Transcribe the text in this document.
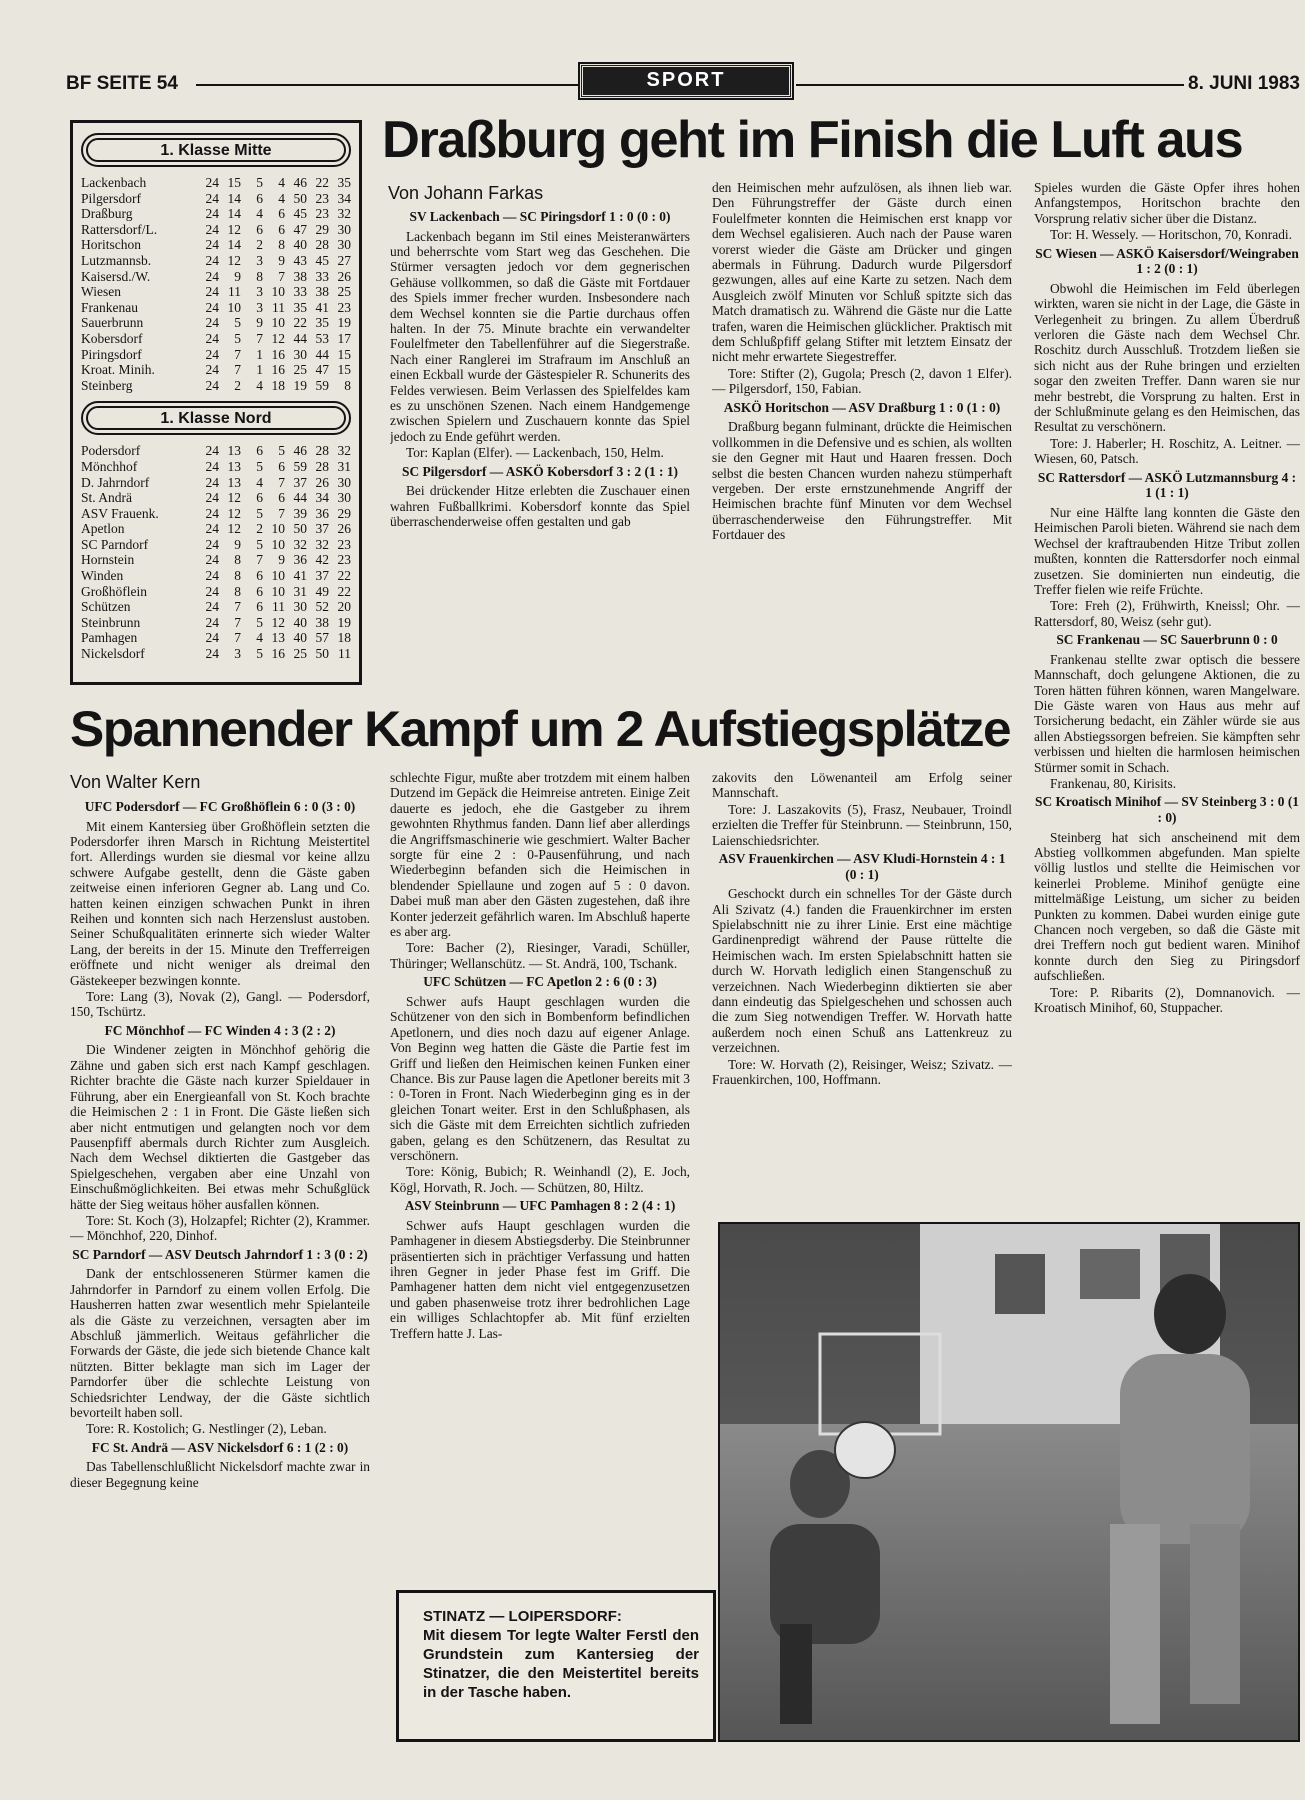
BF SEITE 54	SPORT	8. JUNI 1983
1. Klasse Mitte
Lackenbach	24	15	5	4	46	22	35
Pilgersdorf	24	14	6	4	50	23	34
Draßburg	24	14	4	6	45	23	32
Rattersdorf/L.	24	12	6	6	47	29	30
Horitschon	24	14	2	8	40	28	30
Lutzmannsb.	24	12	3	9	43	45	27
Kaisersd./W.	24	9	8	7	38	33	26
Wiesen	24	11	3	10	33	38	25
Frankenau	24	10	3	11	35	41	23
Sauerbrunn	24	5	9	10	22	35	19
Kobersdorf	24	5	7	12	44	53	17
Piringsdorf	24	7	1	16	30	44	15
Kroat. Minih.	24	7	1	16	25	47	15
Steinberg	24	2	4	18	19	59	8
1. Klasse Nord
Podersdorf	24	13	6	5	46	28	32
Mönchhof	24	13	5	6	59	28	31
D. Jahrndorf	24	13	4	7	37	26	30
St. Andrä	24	12	6	6	44	34	30
ASV Frauenk.	24	12	5	7	39	36	29
Apetlon	24	12	2	10	50	37	26
SC Parndorf	24	9	5	10	32	32	23
Hornstein	24	8	7	9	36	42	23
Winden	24	8	6	10	41	37	22
Großhöflein	24	8	6	10	31	49	22
Schützen	24	7	6	11	30	52	20
Steinbrunn	24	7	5	12	40	38	19
Pamhagen	24	7	4	13	40	57	18
Nickelsdorf	24	3	5	16	25	50	11
Draßburg geht im Finish die Luft aus
Von Johann Farkas
SV Lackenbach — SC Piringsdorf 1 : 0 (0 : 0)

Lackenbach begann im Stil eines Meisteranwärters und beherrschte vom Start weg das Geschehen. Die Stürmer versagten jedoch vor dem gegnerischen Gehäuse vollkommen, so daß die Gäste mit Fortdauer des Spiels immer frecher wurden. Insbesondere nach dem Wechsel konnten sie die Partie durchaus offen halten. In der 75. Minute brachte ein verwandelter Foulelfmeter den Tabellenführer auf die Siegerstraße. Nach einer Ranglerei im Strafraum im Anschluß an einen Eckball wurde der Gästespieler R. Schunerits des Feldes verwiesen. Beim Verlassen des Spielfeldes kam es zu unschönen Szenen. Nach einem Handgemenge zwischen Spielern und Zuschauern konnte das Spiel jedoch zu Ende geführt werden.

Tor: Kaplan (Elfer). — Lackenbach, 150, Helm.

SC Pilgersdorf — ASKÖ Kobersdorf 3 : 2 (1 : 1)

Bei drückender Hitze erlebten die Zuschauer einen wahren Fußballkrimi. Kobersdorf konnte das Spiel überraschenderweise offen gestalten und gab

den Heimischen mehr aufzulösen, als ihnen lieb war. Den Führungstreffer der Gäste durch einen Foulelfmeter konnten die Heimischen erst knapp vor dem Wechsel egalisieren. Auch nach der Pause waren vorerst wieder die Gäste am Drücker und gingen abermals in Führung. Dadurch wurde Pilgersdorf gezwungen, alles auf eine Karte zu setzen. Nach dem Ausgleich zwölf Minuten vor Schluß spitzte sich das Match dramatisch zu. Während die Gäste nur die Latte trafen, waren die Heimischen glücklicher. Praktisch mit dem Schlußpfiff gelang Stifter mit letztem Einsatz der nicht mehr erwartete Siegestreffer.

Tore: Stifter (2), Gugola; Presch (2, davon 1 Elfer). — Pilgersdorf, 150, Fabian.

ASKÖ Horitschon — ASV Draßburg 1 : 0 (1 : 0)

Draßburg begann fulminant, drückte die Heimischen vollkommen in die Defensive und es schien, als wollten sie den Gegner mit Haut und Haaren fressen. Doch selbst die besten Chancen wurden nahezu stümperhaft vergeben. Der erste ernstzunehmende Angriff der Heimischen brachte fünf Minuten vor dem Wechsel überraschenderweise den Führungstreffer. Mit Fortdauer des

Spieles wurden die Gäste Opfer ihres hohen Anfangstempos, Horitschon brachte den Vorsprung relativ sicher über die Distanz.

Tor: H. Wessely. — Horitschon, 70, Konradi.

SC Wiesen — ASKÖ Kaisersdorf/Weingraben 1 : 2 (0 : 1)

Obwohl die Heimischen im Feld überlegen wirkten, waren sie nicht in der Lage, die Gäste in Verlegenheit zu bringen. Zu allem Überdruß verloren die Gäste nach dem Wechsel Chr. Roschitz durch Ausschluß. Trotzdem ließen sie sich nicht aus der Ruhe bringen und erzielten sogar den zweiten Treffer. Dann waren sie nur mehr bestrebt, die Vorsprung zu halten. Erst in der Schlußminute gelang es den Heimischen, das Resultat zu verschönern.

Tore: J. Haberler; H. Roschitz, A. Leitner. — Wiesen, 60, Patsch.

SC Rattersdorf — ASKÖ Lutzmannsburg 4 : 1 (1 : 1)

Nur eine Hälfte lang konnten die Gäste den Heimischen Paroli bieten. Während sie nach dem Wechsel der kraftraubenden Hitze Tribut zollen mußten, konnten die Rattersdorfer noch einmal zusetzen. Sie dominierten nun eindeutig, die Treffer fielen wie reife Früchte.

Tore: Freh (2), Frühwirth, Kneissl; Ohr. — Rattersdorf, 80, Weisz (sehr gut).

SC Frankenau — SC Sauerbrunn 0 : 0

Frankenau stellte zwar optisch die bessere Mannschaft, doch gelungene Aktionen, die zu Toren hätten führen können, waren Mangelware. Die Gäste waren von Haus aus mehr auf Torsicherung bedacht, ein Zähler würde sie aus allen Abstiegssorgen befreien. Sie kämpften sehr verbissen und hielten die harmlosen heimischen Stürmer somit in Schach.

Frankenau, 80, Kirisits.

SC Kroatisch Minihof — SV Steinberg 3 : 0 (1 : 0)

Steinberg hat sich anscheinend mit dem Abstieg vollkommen abgefunden. Man spielte völlig lustlos und stellte die Heimischen vor keinerlei Probleme. Minihof genügte eine mittelmäßige Leistung, um sicher zu beiden Punkten zu kommen. Dabei wurden einige gute Chancen noch vergeben, so daß die Gäste mit drei Treffern noch gut bedient waren. Minihof konnte durch den Sieg zu Piringsdorf aufschließen.

Tore: P. Ribarits (2), Domnanovich. — Kroatisch Minihof, 60, Stuppacher.

Spannender Kampf um 2 Aufstiegsplätze
Von Walter Kern
UFC Podersdorf — FC Großhöflein 6 : 0 (3 : 0)

Mit einem Kantersieg über Großhöflein setzten die Podersdorfer ihren Marsch in Richtung Meistertitel fort. Allerdings wurden sie diesmal vor keine allzu schwere Aufgabe gestellt, denn die Gäste gaben zeitweise einen inferioren Gegner ab. Lang und Co. hatten keinen einzigen schwachen Punkt in ihren Reihen und konnten sich nach Herzenslust austoben. Seiner Schußqualitäten erinnerte sich wieder Walter Lang, der bereits in der 15. Minute den Trefferreigen eröffnete und nicht weniger als dreimal den Gästekeeper bezwingen konnte.

Tore: Lang (3), Novak (2), Gangl. — Podersdorf, 150, Tschürtz.

FC Mönchhof — FC Winden 4 : 3 (2 : 2)

Die Windener zeigten in Mönchhof gehörig die Zähne und gaben sich erst nach Kampf geschlagen. Richter brachte die Gäste nach kurzer Spieldauer in Führung, aber ein Energieanfall von St. Koch brachte die Heimischen 2 : 1 in Front. Die Gäste ließen sich aber nicht entmutigen und gelangten noch vor dem Pausenpfiff abermals durch Richter zum Ausgleich. Nach dem Wechsel diktierten die Gastgeber das Spielgeschehen, vergaben aber eine Unzahl von Einschußmöglichkeiten. Bei etwas mehr Schußglück hätte der Sieg weitaus höher ausfallen können.

Tore: St. Koch (3), Holzapfel; Richter (2), Krammer. — Mönchhof, 220, Dinhof.

SC Parndorf — ASV Deutsch Jahrndorf 1 : 3 (0 : 2)

Dank der entschlosseneren Stürmer kamen die Jahrndorfer in Parndorf zu einem vollen Erfolg. Die Hausherren hatten zwar wesentlich mehr Spielanteile als die Gäste zu verzeichnen, versagten aber im Abschluß jämmerlich. Weitaus gefährlicher die Forwards der Gäste, die jede sich bietende Chance kalt nützten. Bitter beklagte man sich im Lager der Parndorfer über die schlechte Leistung von Schiedsrichter Lendway, der die Gäste sichtlich bevorteilt haben soll.

Tore: R. Kostolich; G. Nestlinger (2), Leban.

FC St. Andrä — ASV Nickelsdorf 6 : 1 (2 : 0)

Das Tabellenschlußlicht Nickelsdorf machte zwar in dieser Begegnung keine

schlechte Figur, mußte aber trotzdem mit einem halben Dutzend im Gepäck die Heimreise antreten. Einige Zeit dauerte es jedoch, ehe die Gastgeber zu ihrem gewohnten Rhythmus fanden. Dann lief aber allerdings die Angriffsmaschinerie wie geschmiert. Walter Bacher sorgte für eine 2 : 0-Pausenführung, und nach Wiederbeginn befanden sich die Heimischen in blendender Spiellaune und zogen auf 5 : 0 davon. Dabei muß man aber den Gästen zugestehen, daß ihre Konter jederzeit gefährlich waren. Im Abschluß haperte es aber arg.

Tore: Bacher (2), Riesinger, Varadi, Schüller, Thüringer; Wellanschütz. — St. Andrä, 100, Tschank.

UFC Schützen — FC Apetlon 2 : 6 (0 : 3)

Schwer aufs Haupt geschlagen wurden die Schützener von den sich in Bombenform befindlichen Apetlonern, und dies noch dazu auf eigener Anlage. Von Beginn weg hatten die Gäste die Partie fest im Griff und ließen den Heimischen keinen Funken einer Chance. Bis zur Pause lagen die Apetloner bereits mit 3 : 0-Toren in Front. Nach Wiederbeginn ging es in der gleichen Tonart weiter. Erst in den Schlußphasen, als sich die Gäste mit dem Erreichten sichtlich zufrieden gaben, gelang es den Schützenern, das Resultat zu verschönern.

Tore: König, Bubich; R. Weinhandl (2), E. Joch, Kögl, Horvath, R. Joch. — Schützen, 80, Hiltz.

ASV Steinbrunn — UFC Pamhagen 8 : 2 (4 : 1)

Schwer aufs Haupt geschlagen wurden die Pamhagener in diesem Abstiegsderby. Die Steinbrunner präsentierten sich in prächtiger Verfassung und hatten ihren Gegner in jeder Phase fest im Griff. Die Pamhagener hatten dem nicht viel entgegenzusetzen und gaben phasenweise trotz ihrer bedrohlichen Lage ein williges Schlachtopfer ab. Mit fünf erzielten Treffern hatte J. Las-

zakovits den Löwenanteil am Erfolg seiner Mannschaft.

Tore: J. Laszakovits (5), Frasz, Neubauer, Troindl erzielten die Treffer für Steinbrunn. — Steinbrunn, 150, Laienschiedsrichter.

ASV Frauenkirchen — ASV Kludi-Hornstein 4 : 1 (0 : 1)

Geschockt durch ein schnelles Tor der Gäste durch Ali Szivatz (4.) fanden die Frauenkirchner im ersten Spielabschnitt nie zu ihrer Linie. Erst eine mächtige Gardinenpredigt während der Pause rüttelte die Heimischen wach. Im ersten Spielabschnitt hatten sie durch W. Horvath lediglich einen Stangenschuß zu verzeichnen. Nach Wiederbeginn diktierten sie aber dann eindeutig das Spielgeschehen und schossen auch die zum Sieg notwendigen Treffer. W. Horvath hatte außerdem noch einen Schuß ans Lattenkreuz zu verzeichnen.

Tore: W. Horvath (2), Reisinger, Weisz; Szivatz. — Frauenkirchen, 100, Hoffmann.

STINATZ — LOIPERSDORF:
Mit diesem Tor legte Walter Ferstl den Grundstein zum Kantersieg der Stinatzer, die den Meistertitel bereits in der Tasche haben.
